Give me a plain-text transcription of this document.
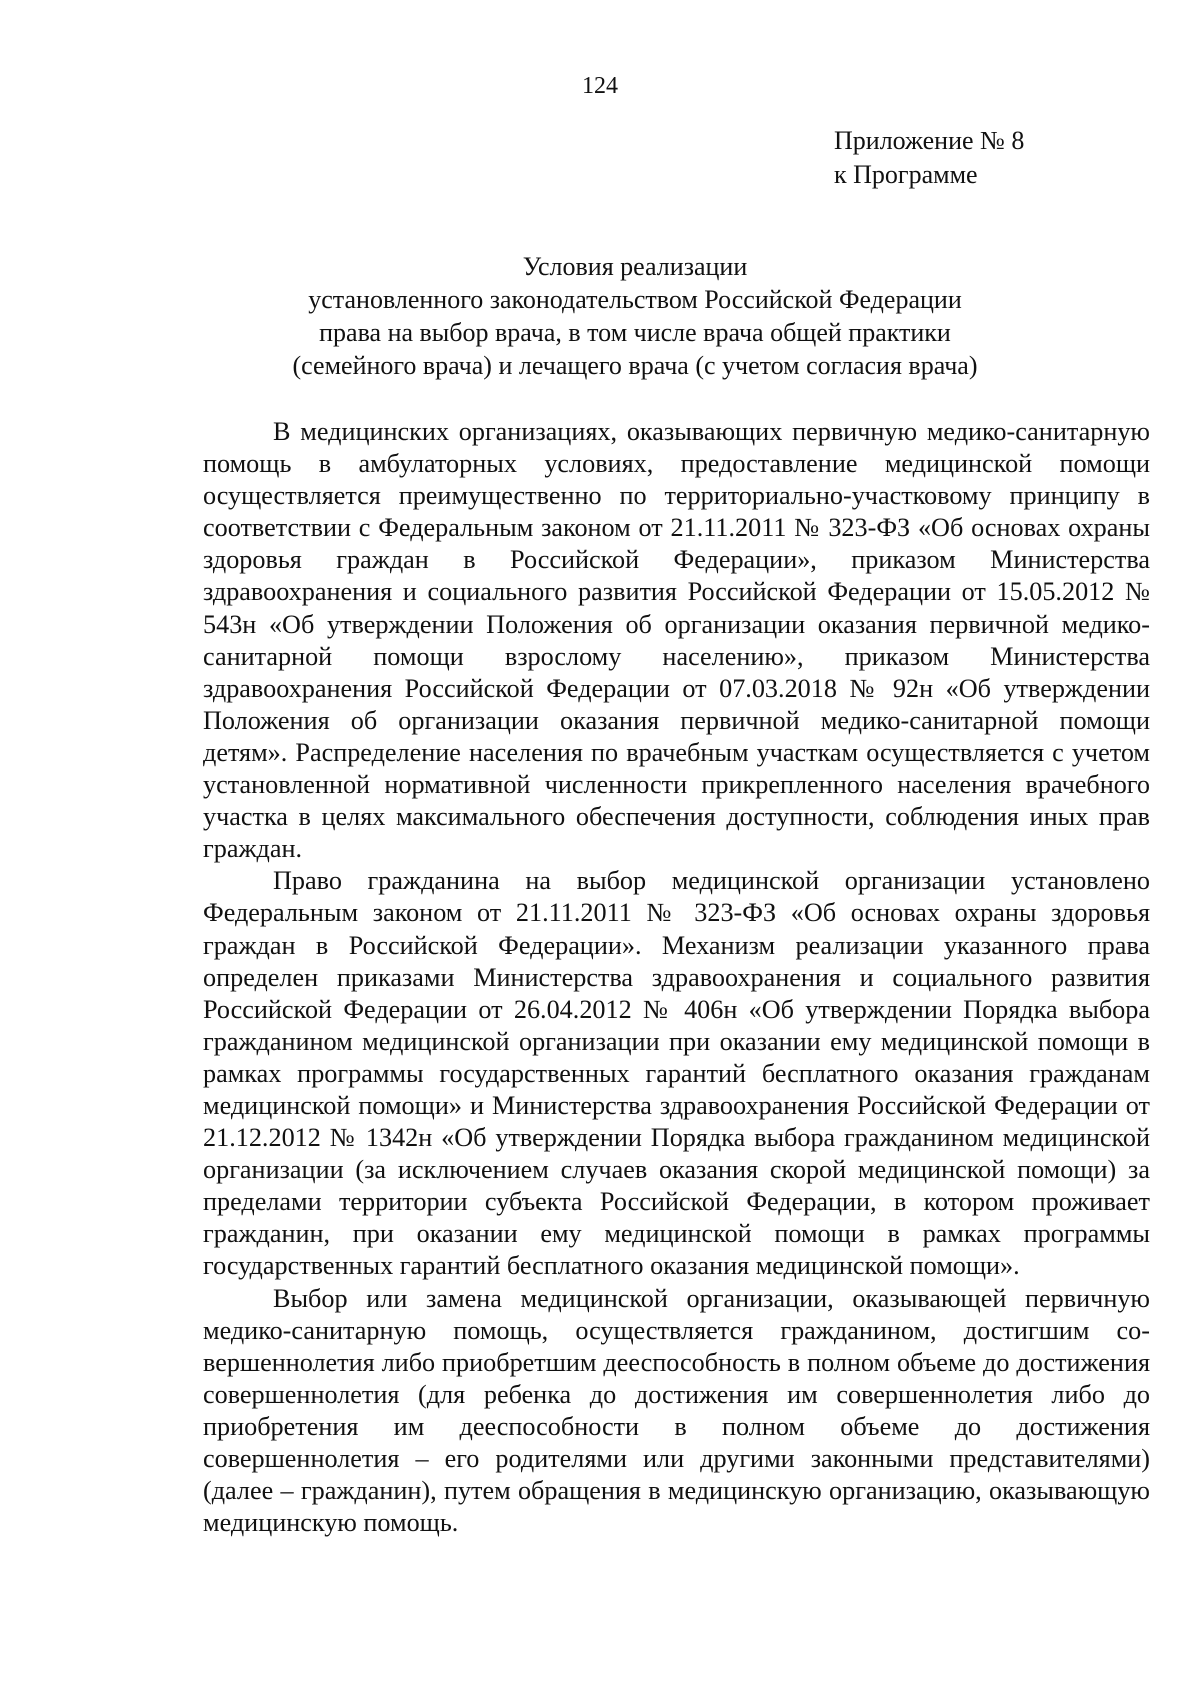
124
Приложение № 8
к Программе
Условия реализации
установленного законодательством Российской Федерации
права на выбор врача, в том числе врача общей практики
(семейного врача) и лечащего врача (с учетом согласия врача)

В медицинских организациях, оказывающих первичную медико-санитарную помощь в амбулаторных условиях, предоставление медицинской помощи осуществляется преимущественно по территориально-участковому принципу в соответствии с Федеральным законом от 21.11.2011 № 323-ФЗ «Об основах охраны здоровья граждан в Российской Федерации», приказом Министерства здравоохранения и социального развития Российской Федерации от 15.05.2012 № 543н «Об утверждении Положения об организации оказания первичной медико-санитарной помощи взрослому населению», приказом Министерства здравоохранения Российской Федерации от 07.03.2018 № 92н «Об утверждении Положения об организации оказания первичной медико-санитарной помощи детям». Распределение населения по врачебным участкам осуществляется с учетом установленной нормативной численности прикрепленного населения врачебного участка в целях максимального обеспечения доступности, соблюдения иных прав граждан.

Право гражданина на выбор медицинской организации установлено Федеральным законом от 21.11.2011 № 323-ФЗ «Об основах охраны здоровья граждан в Российской Федерации». Механизм реализации указанного права определен приказами Министерства здравоохранения и социального развития Российской Федерации от 26.04.2012 № 406н «Об утверждении Порядка выбора гражданином медицинской организации при оказании ему медицинской помощи в рамках программы государственных гарантий бесплатного оказания гражданам медицинской помощи» и Министерства здравоохранения Российской Федерации от 21.12.2012 № 1342н «Об утверждении Порядка выбора гражданином медицинской организации (за исключением случаев оказания скорой медицинской помощи) за пределами территории субъекта Российской Федерации, в котором проживает гражданин, при оказании ему медицинской помощи в рамках программы государственных гарантий бесплатного оказания медицинской помощи».

Выбор или замена медицинской организации, оказывающей первичную медико-санитарную помощь, осуществляется гражданином, достигшим совершеннолетия либо приобретшим дееспособность в полном объеме до достижения совершеннолетия (для ребенка до достижения им совершеннолетия либо до приобретения им дееспособности в полном объеме до достижения совершеннолетия – его родителями или другими законными представителями) (далее – гражданин), путем обращения в медицинскую организацию, оказывающую медицинскую помощь.
